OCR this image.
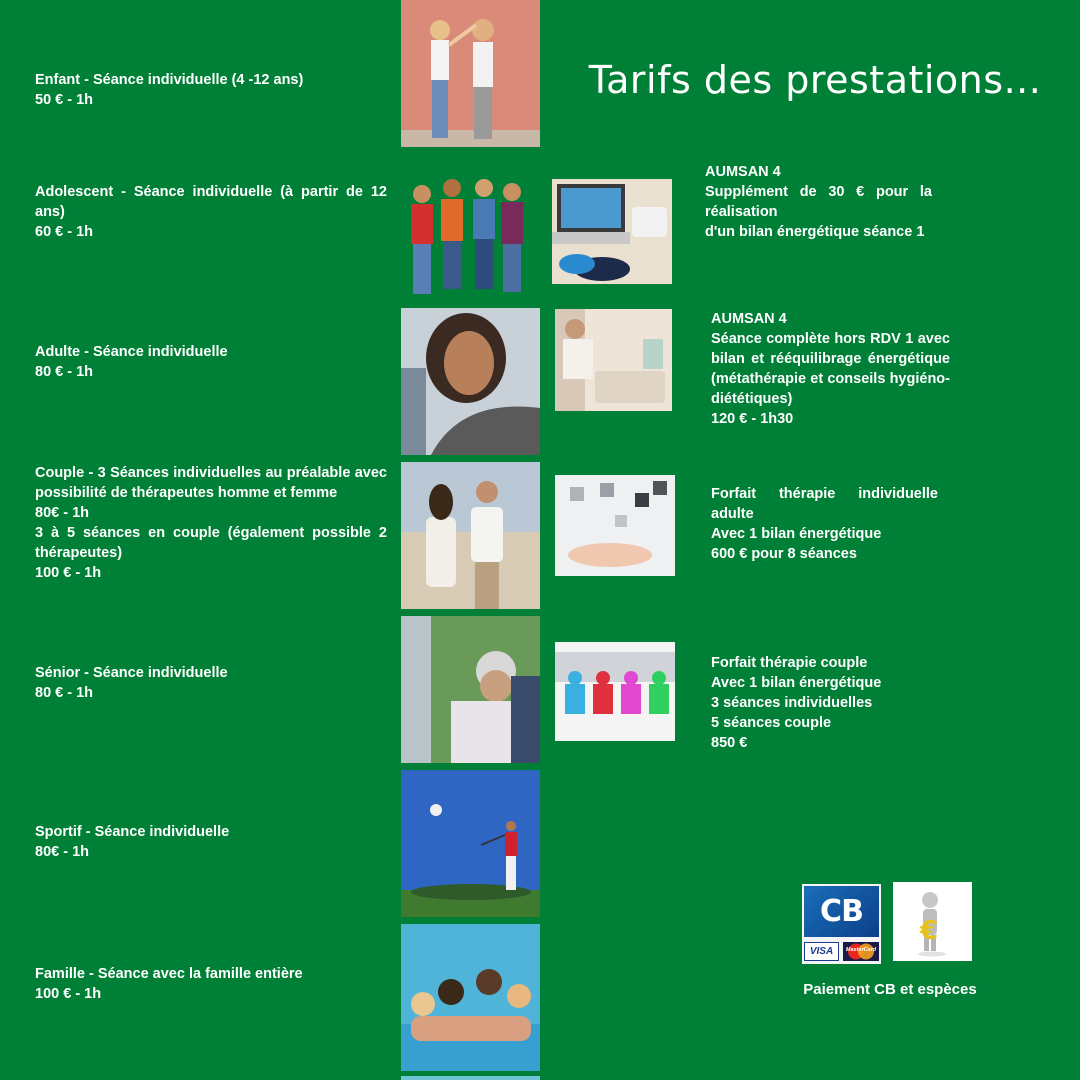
Tarifs des prestations...
Enfant - Séance individuelle (4 -12 ans)
50 € - 1h
Adolescent - Séance individuelle (à partir de 12 ans)
60 € - 1h
Adulte - Séance individuelle
80 € - 1h
Couple - 3 Séances individuelles au préalable avec possibilité de thérapeutes homme et femme
80€ - 1h
3 à 5 séances en couple (également possible 2 thérapeutes)
100 € - 1h
Sénior - Séance individuelle
80 € - 1h
Sportif - Séance individuelle
80€ - 1h
Famille - Séance avec la famille entière
100 € - 1h
AUMSAN 4
Supplément de 30 € pour la réalisation
d'un bilan énergétique séance 1
AUMSAN 4
Séance complète hors RDV 1 avec bilan et rééquilibrage énergétique (métathérapie et conseils hygiéno-diététiques)
120 € - 1h30
Forfait thérapie individuelle adulte
Avec 1 bilan énergétique
600 € pour 8 séances
Forfait thérapie couple
Avec 1 bilan énergétique
3 séances individuelles
5 séances couple
850 €
CB
VISA	MasterCard
€
Paiement CB et espèces
